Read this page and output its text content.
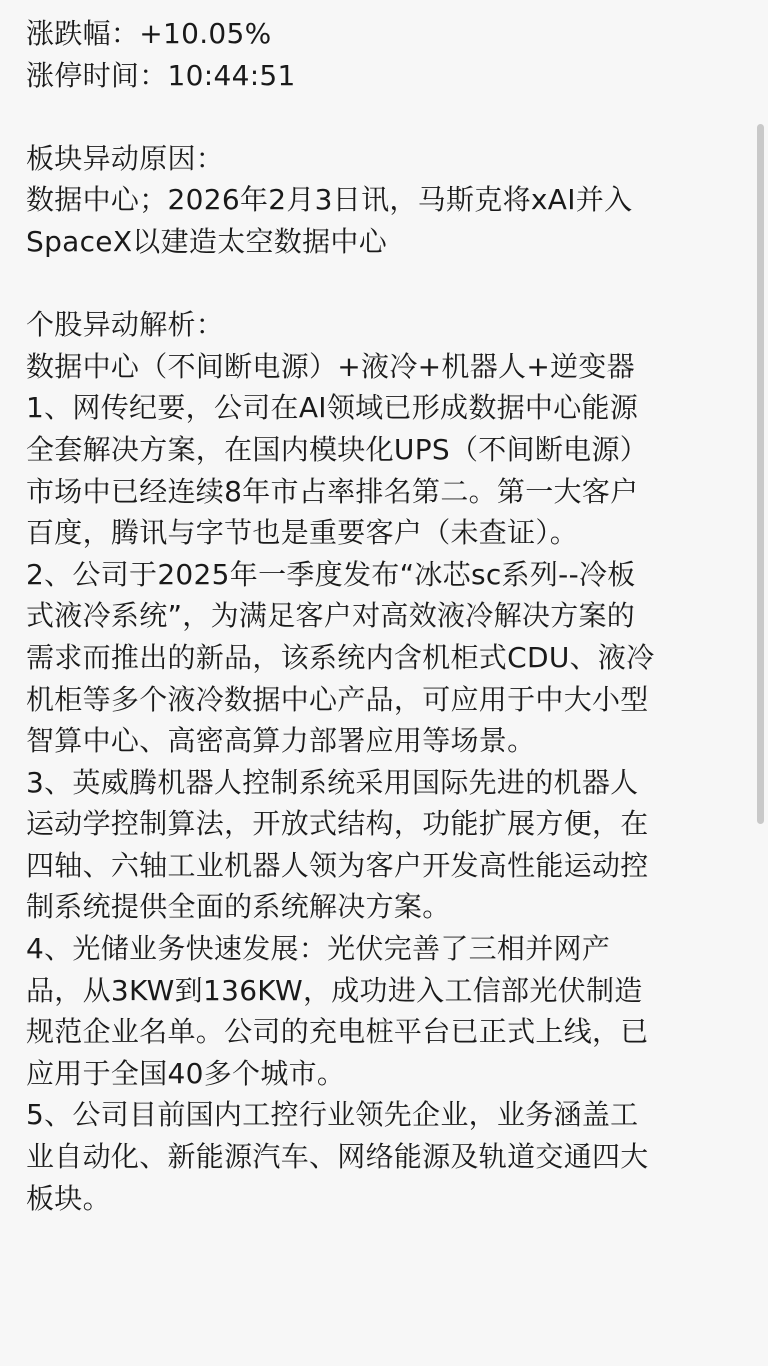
涨跌幅：+10.05%
涨停时间：10:44:51
板块异动原因：
数据中心；2026年2月3日讯，马斯克将xAI并入
SpaceX以建造太空数据中心
个股异动解析：
数据中心（不间断电源）+液冷+机器人+逆变器
1、网传纪要，公司在AI领域已形成数据中心能源
全套解决方案，在国内模块化UPS（不间断电源）
市场中已经连续8年市占率排名第二。第一大客户
百度，腾讯与字节也是重要客户（未查证）。
2、公司于2025年一季度发布“冰芯sc系列--冷板
式液冷系统”，为满足客户对高效液冷解决方案的
需求而推出的新品，该系统内含机柜式CDU、液冷
机柜等多个液冷数据中心产品，可应用于中大小型
智算中心、高密高算力部署应用等场景。
3、英威腾机器人控制系统采用国际先进的机器人
运动学控制算法，开放式结构，功能扩展方便，在
四轴、六轴工业机器人领为客户开发高性能运动控
制系统提供全面的系统解决方案。
4、光储业务快速发展：光伏完善了三相并网产
品，从3KW到136KW，成功进入工信部光伏制造
规范企业名单。公司的充电桩平台已正式上线，已
应用于全国40多个城市。
5、公司目前国内工控行业领先企业，业务涵盖工
业自动化、新能源汽车、网络能源及轨道交通四大
板块。
